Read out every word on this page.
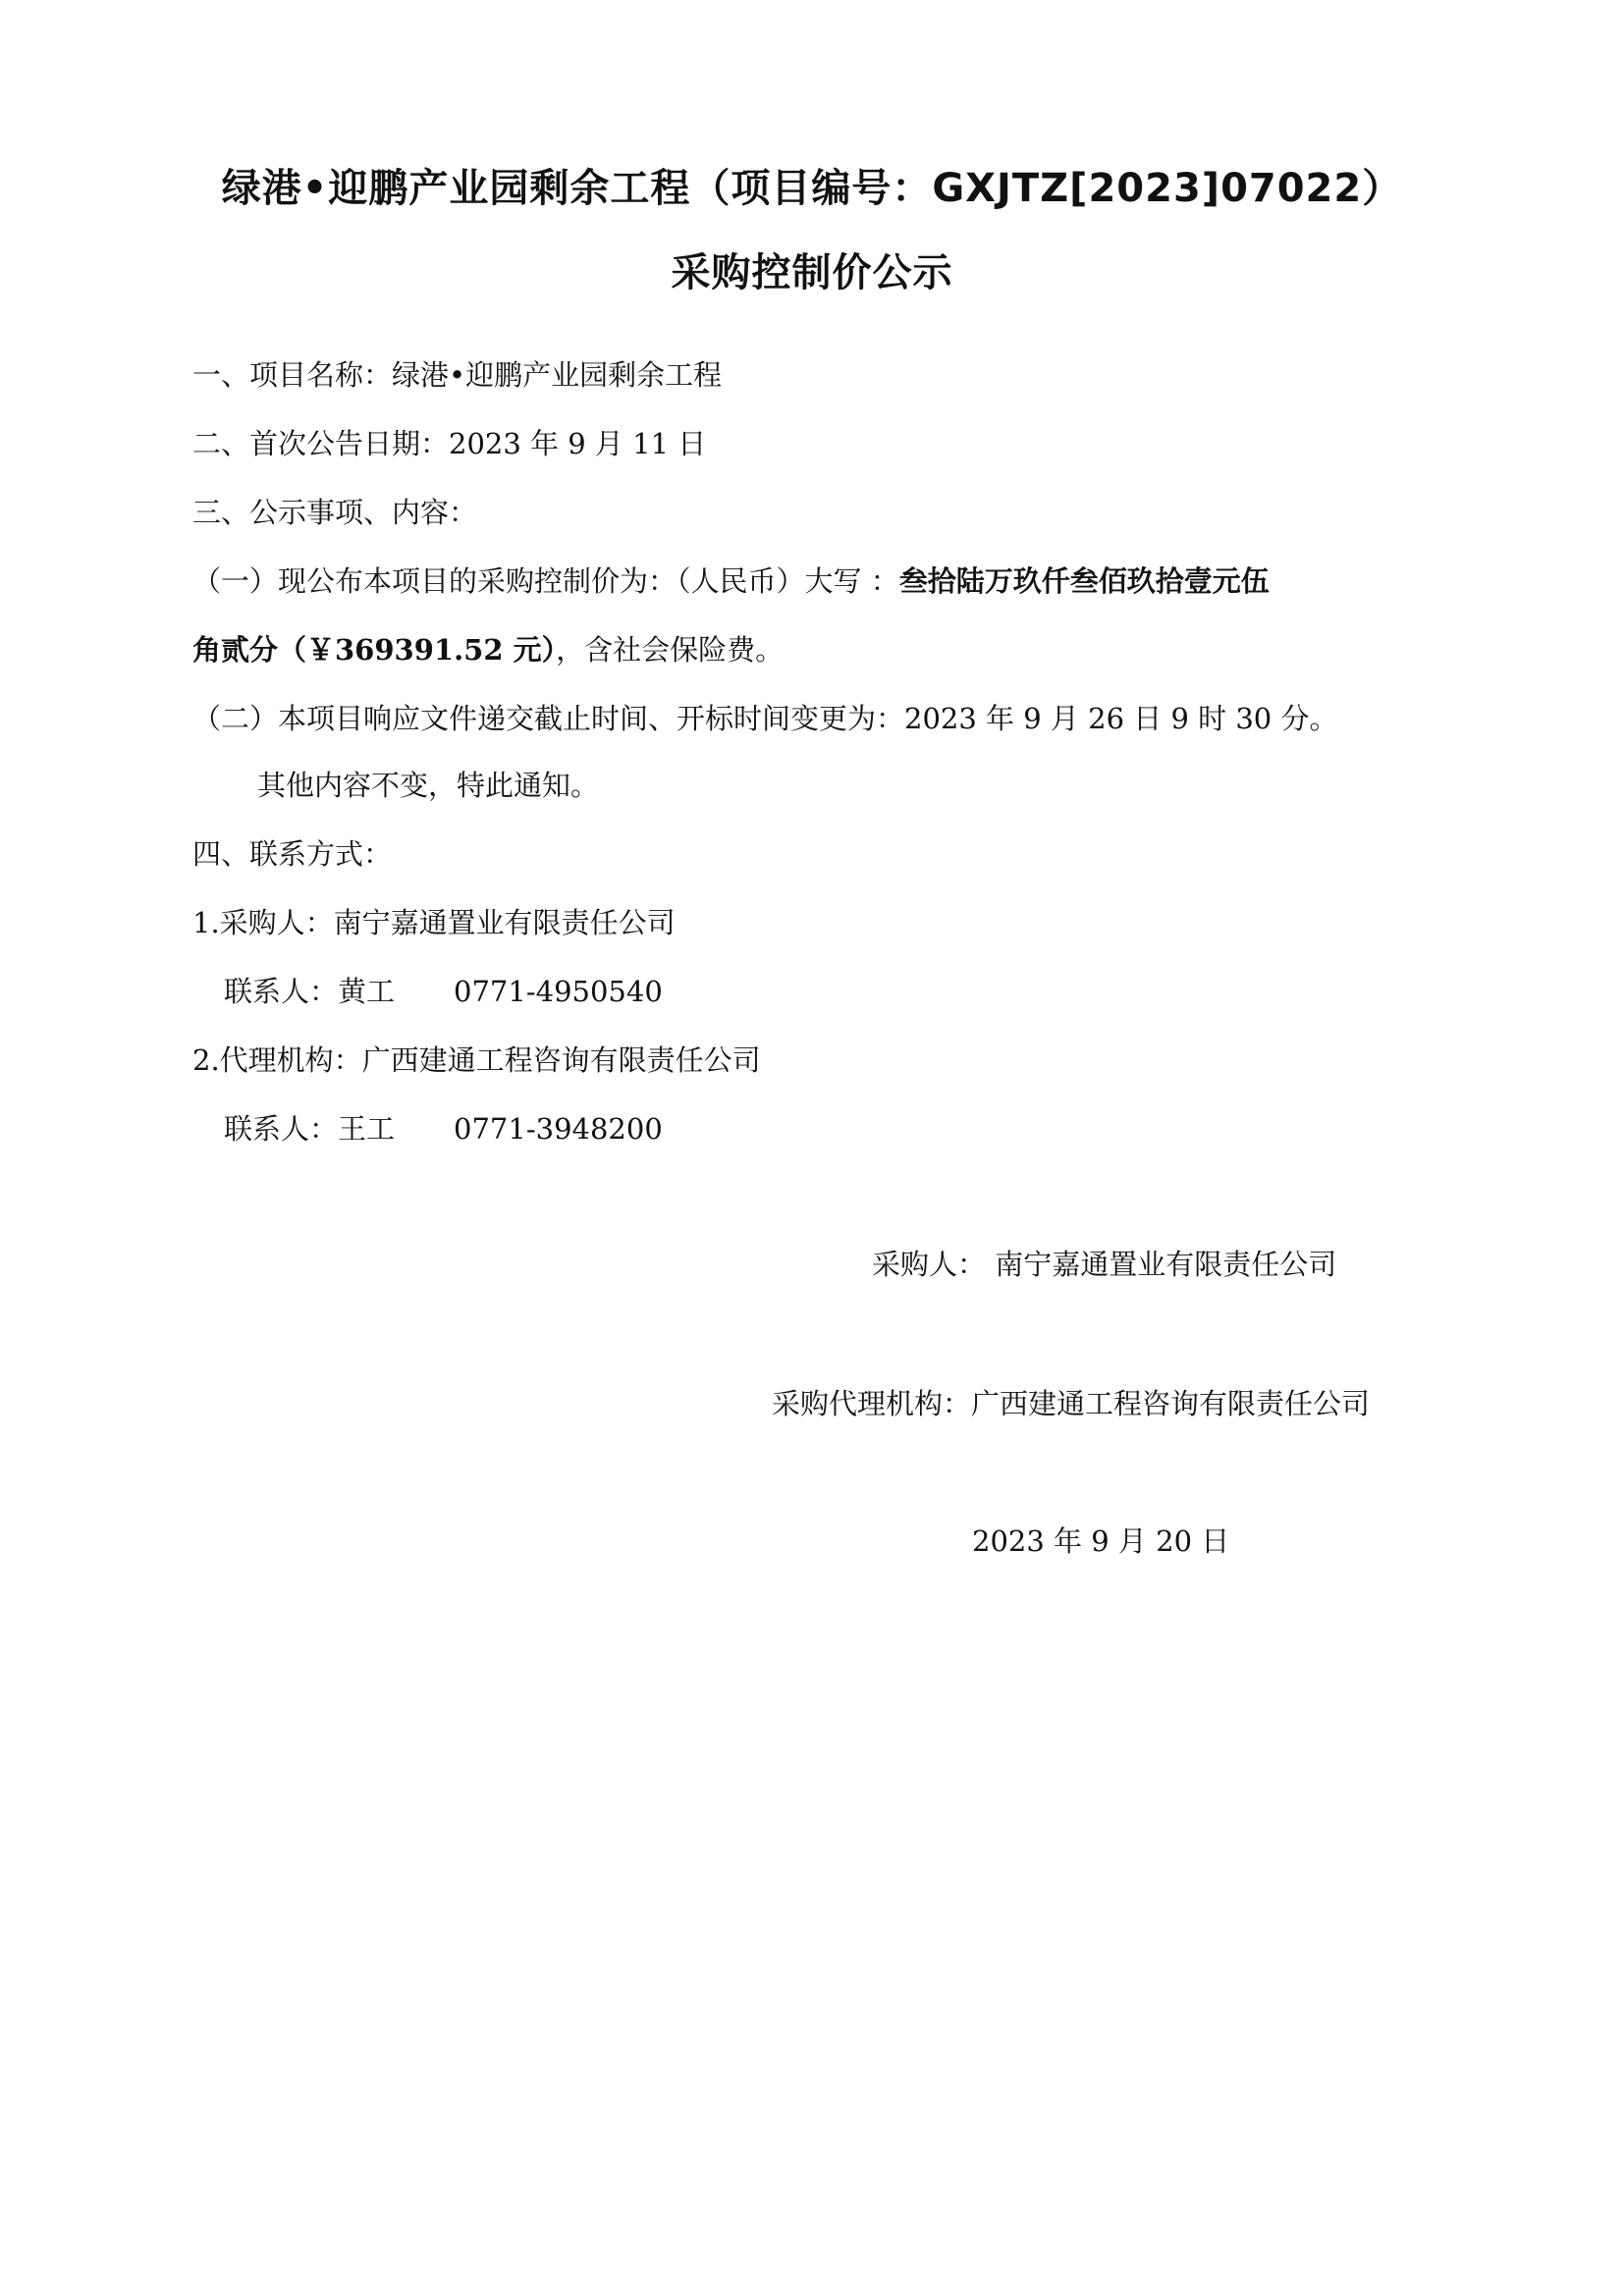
绿港•迎鹏产业园剩余工程（项目编号：GXJTZ[2023]07022）
采购控制价公示
一、项目名称：绿港•迎鹏产业园剩余工程
二、首次公告日期：2023 年 9 月 11 日
三、公示事项、内容：
（一）现公布本项目的采购控制价为：（人民币）大写 ：叁拾陆万玖仟叁佰玖拾壹元伍
角贰分（￥369391.52 元），含社会保险费。
（二）本项目响应文件递交截止时间、开标时间变更为：2023 年 9 月 26 日 9 时 30 分。
其他内容不变，特此通知。
四、联系方式：
1.采购人：南宁嘉通置业有限责任公司
联系人：黄工 0771-4950540
2.代理机构：广西建通工程咨询有限责任公司
联系人：王工 0771-3948200
采购人： 南宁嘉通置业有限责任公司
采购代理机构：广西建通工程咨询有限责任公司
2023 年 9 月 20 日
